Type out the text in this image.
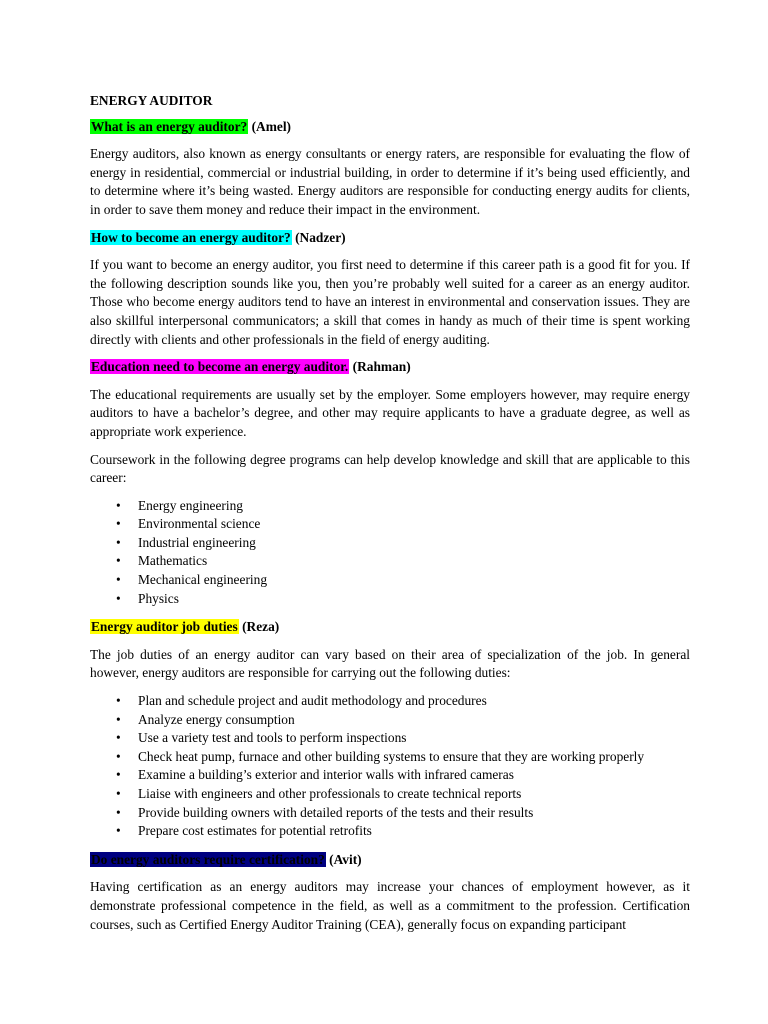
ENERGY AUDITOR
What is an energy auditor? (Amel)

Energy auditors, also known as energy consultants or energy raters, are responsible for evaluating the flow of energy in residential, commercial or industrial building, in order to determine if it’s being used efficiently, and to determine where it’s being wasted. Energy auditors are responsible for conducting energy audits for clients, in order to save them money and reduce their impact in the environment.

How to become an energy auditor? (Nadzer)

If you want to become an energy auditor, you first need to determine if this career path is a good fit for you. If the following description sounds like you, then you’re probably well suited for a career as an energy auditor. Those who become energy auditors tend to have an interest in environmental and conservation issues. They are also skillful interpersonal communicators; a skill that comes in handy as much of their time is spent working directly with clients and other professionals in the field of energy auditing.

Education need to become an energy auditor. (Rahman)

The educational requirements are usually set by the employer. Some employers however, may require energy auditors to have a bachelor’s degree, and other may require applicants to have a graduate degree, as well as appropriate work experience.

Coursework in the following degree programs can help develop knowledge and skill that are applicable to this career:

• Energy engineering
• Environmental science
• Industrial engineering
• Mathematics
• Mechanical engineering
• Physics
Energy auditor job duties (Reza)

The job duties of an energy auditor can vary based on their area of specialization of the job. In general however, energy auditors are responsible for carrying out the following duties:

• Plan and schedule project and audit methodology and procedures
• Analyze energy consumption
• Use a variety test and tools to perform inspections
• Check heat pump, furnace and other building systems to ensure that they are working properly
• Examine a building’s exterior and interior walls with infrared cameras
• Liaise with engineers and other professionals to create technical reports
• Provide building owners with detailed reports of the tests and their results
• Prepare cost estimates for potential retrofits
Do energy auditors require certification? (Avit)

Having certification as an energy auditors may increase your chances of employment however, as it demonstrate professional competence in the field, as well as a commitment to the profession. Certification courses, such as Certified Energy Auditor Training (CEA), generally focus on expanding participant
